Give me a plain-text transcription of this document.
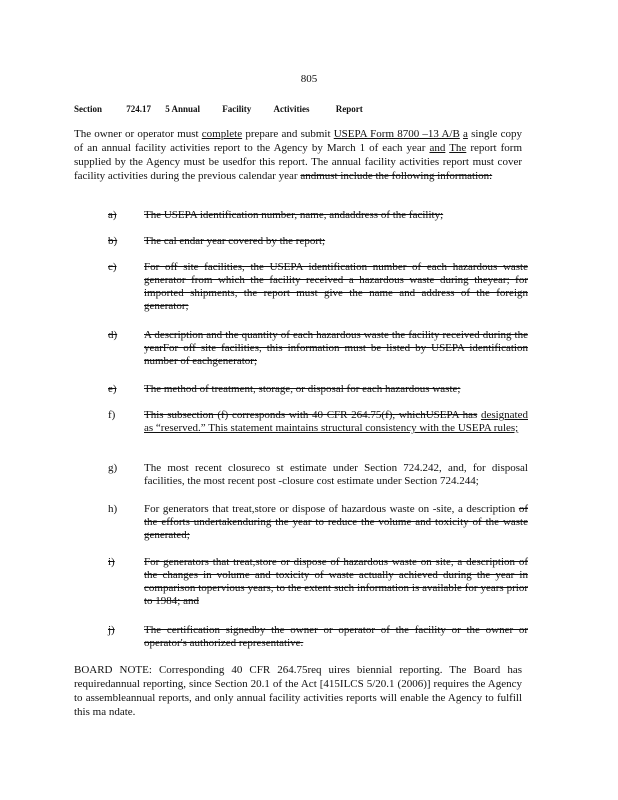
805
Section	724.17 5 Annual Facility Activities	Report
The owner or operator must complete prepare and submit USEPA Form 8700 –13 A/B a single copy of an annual facility activities report to the Agency by March 1 of each year and The report form supplied by the Agency must be usedfor this report. The annual facility activities report must cover facility activities during the previous calendar year andmust include the following information:
a)	The USEPA identification number, name, andaddress of the facility;
b)	The cal endar year covered by the report;
c)	For off site facilities, the USEPA identification number of each hazardous waste generator from which the facility received a hazardous waste during theyear; for imported shipments, the report must give the name and address of the foreign generator;
d)	A description and the quantity of each hazardous waste the facility received during the yearFor off site facilities, this information must be listed by USEPA identification number of eachgenerator;
e)	The method of treatment, storage, or disposal for each hazardous waste;
f)	This subsection (f) corresponds with 40 CFR 264.75(f), whichUSEPA has designated as “reserved.” This statement maintains structural consistency with the USEPA rules;
g)	The most recent closureco st estimate under Section 724.242, and, for disposal facilities, the most recent post -closure cost estimate under Section 724.244;
h)	For generators that treat,store or dispose of hazardous waste on -site, a description of the efforts undertakenduring the year to reduce the volume and toxicity of the waste generated;
i)	For generators that treat,store or dispose of hazardous waste on site, a description of the changes in volume and toxicity of waste actually achieved during the year in comparison topervious years, to the extent such information is available for years prior to 1984; and
j)	The certification signedby the owner or operator of the facility or the owner or operator's authorized representative.
BOARD NOTE: Corresponding 40 CFR 264.75req uires biennial reporting. The Board has requiredannual reporting, since Section 20.1 of the Act [415ILCS 5/20.1 (2006)] requires the Agency to assembleannual reports, and only annual facility activities reports will enable the Agency to fulfill this ma ndate.
